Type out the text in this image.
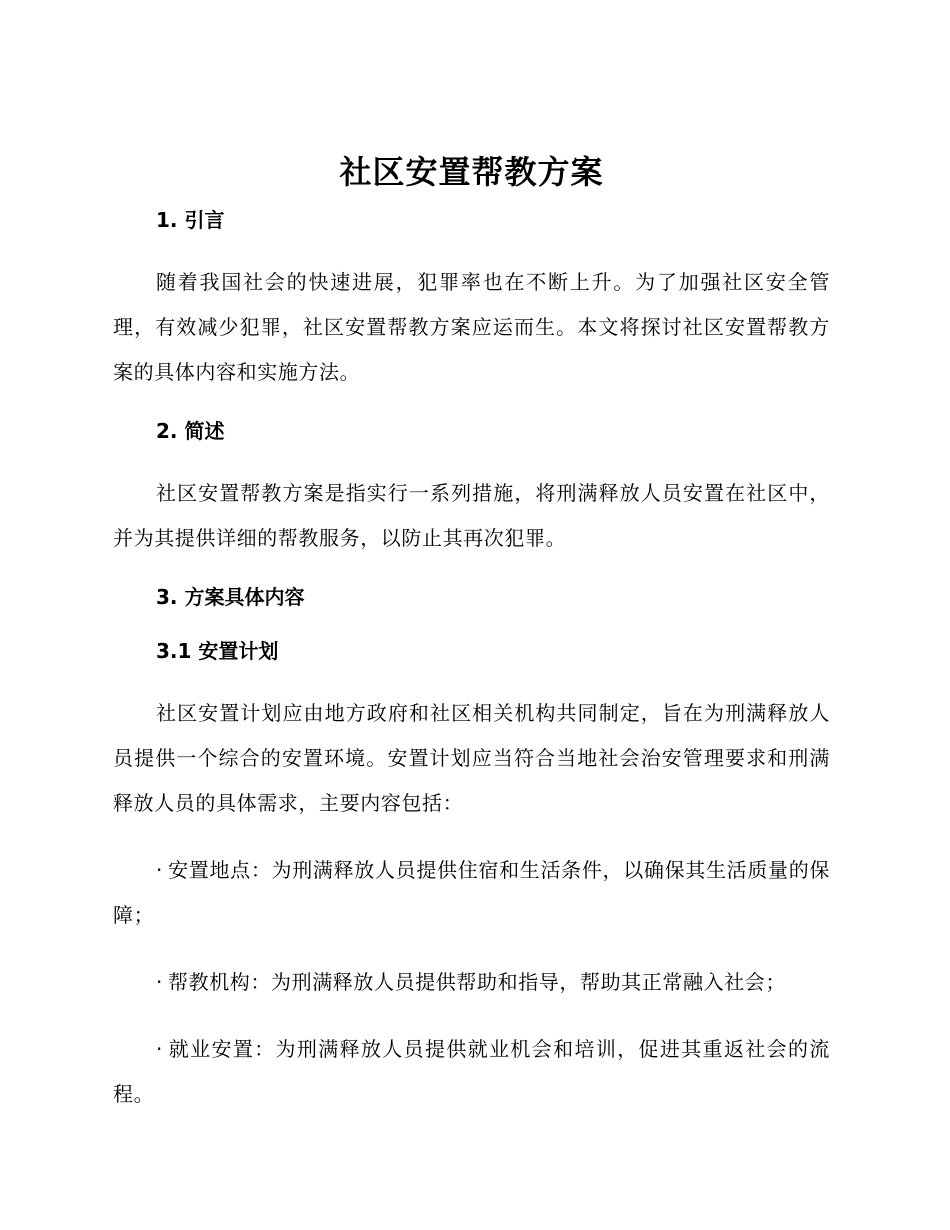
社区安置帮教方案
1. 引言

随着我国社会的快速进展，犯罪率也在不断上升。为了加强社区安全管理，有效减少犯罪，社区安置帮教方案应运而生。本文将探讨社区安置帮教方案的具体内容和实施方法。

2. 简述

社区安置帮教方案是指实行一系列措施，将刑满释放人员安置在社区中，并为其提供详细的帮教服务，以防止其再次犯罪。

3. 方案具体内容
3.1 安置计划

社区安置计划应由地方政府和社区相关机构共同制定，旨在为刑满释放人员提供一个综合的安置环境。安置计划应当符合当地社会治安管理要求和刑满释放人员的具体需求，主要内容包括：

· 安置地点：为刑满释放人员提供住宿和生活条件，以确保其生活质量的保障；

· 帮教机构：为刑满释放人员提供帮助和指导，帮助其正常融入社会；

· 就业安置：为刑满释放人员提供就业机会和培训，促进其重返社会的流程。
